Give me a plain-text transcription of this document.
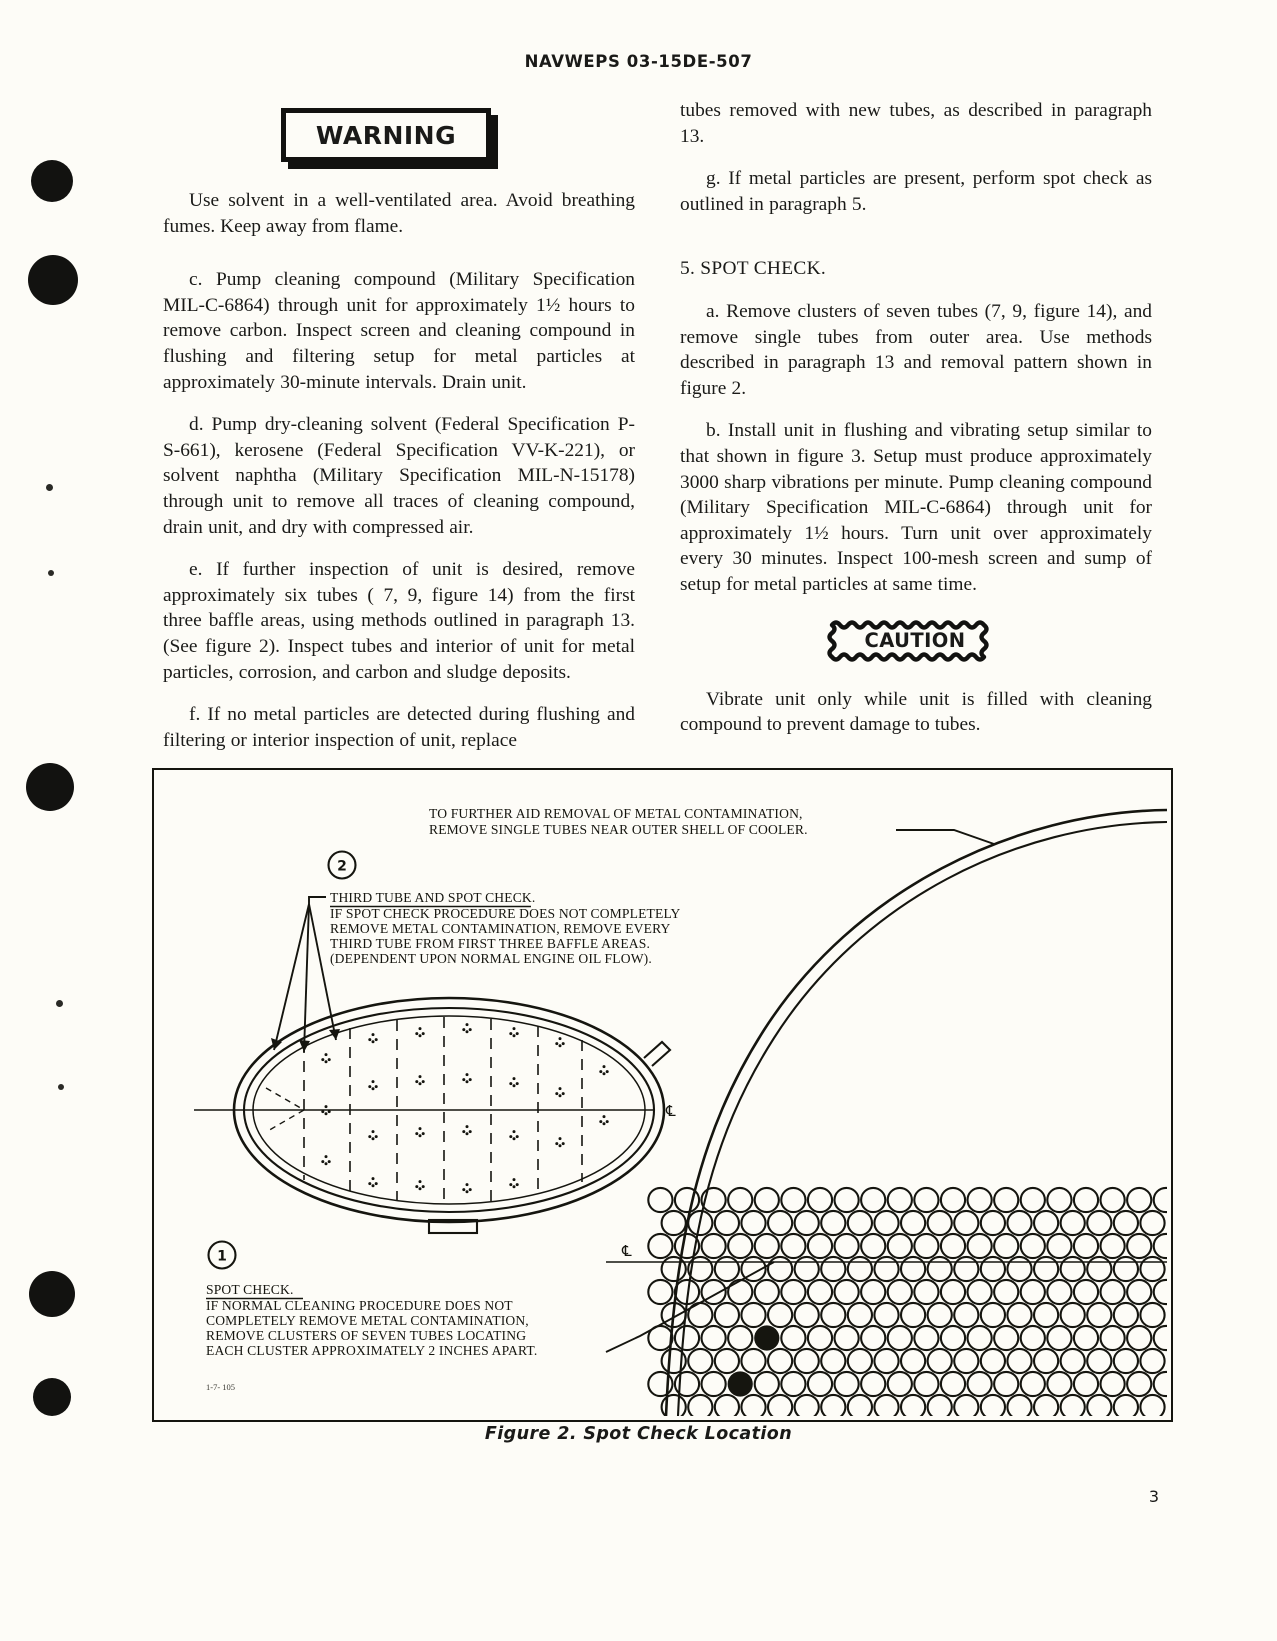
NAVWEPS 03-15DE-507
WARNING

Use solvent in a well-ventilated area. Avoid breathing fumes. Keep away from flame.

c. Pump cleaning compound (Military Specification MIL-C-6864) through unit for approximately 1½ hours to remove carbon. Inspect screen and cleaning compound in flushing and filtering setup for metal particles at approximately 30-minute intervals. Drain unit.

d. Pump dry-cleaning solvent (Federal Specification P-S-661), kerosene (Federal Specification VV-K-221), or solvent naphtha (Military Specification MIL-N-15178) through unit to remove all traces of cleaning compound, drain unit, and dry with compressed air.

e. If further inspection of unit is desired, remove approximately six tubes ( 7, 9, figure 14) from the first three baffle areas, using methods outlined in paragraph 13. (See figure 2). Inspect tubes and interior of unit for metal particles, corrosion, and carbon and sludge deposits.

f. If no metal particles are detected during flushing and filtering or interior inspection of unit, replace

tubes removed with new tubes, as described in paragraph 13.

g. If metal particles are present, perform spot check as outlined in paragraph 5.

5. SPOT CHECK.

a. Remove clusters of seven tubes (7, 9, figure 14), and remove single tubes from outer area. Use methods described in paragraph 13 and removal pattern shown in figure 2.

b. Install unit in flushing and vibrating setup similar to that shown in figure 3. Setup must produce approximately 3000 sharp vibrations per minute. Pump cleaning compound (Military Specification MIL-C-6864) through unit for approximately 1½ hours. Turn unit over approximately every 30 minutes. Inspect 100-mesh screen and sump of setup for metal particles at same time.

CAUTION

Vibrate unit only while unit is filled with cleaning compound to prevent damage to tubes.

TO FURTHER AID REMOVAL OF METAL CONTAMINATION,
REMOVE SINGLE TUBES NEAR OUTER SHELL OF COOLER.
2
THIRD TUBE AND SPOT CHECK.
IF SPOT CHECK PROCEDURE DOES NOT COMPLETELY
REMOVE METAL CONTAMINATION, REMOVE EVERY
THIRD TUBE FROM FIRST THREE BAFFLE AREAS.
(DEPENDENT UPON NORMAL ENGINE OIL FLOW).
℄
1
SPOT CHECK.
IF NORMAL CLEANING PROCEDURE DOES NOT
COMPLETELY REMOVE METAL CONTAMINATION,
REMOVE CLUSTERS OF SEVEN TUBES LOCATING
EACH CLUSTER APPROXIMATELY 2 INCHES APART.
1-7- 105
℄
Figure 2. Spot Check Location
3
